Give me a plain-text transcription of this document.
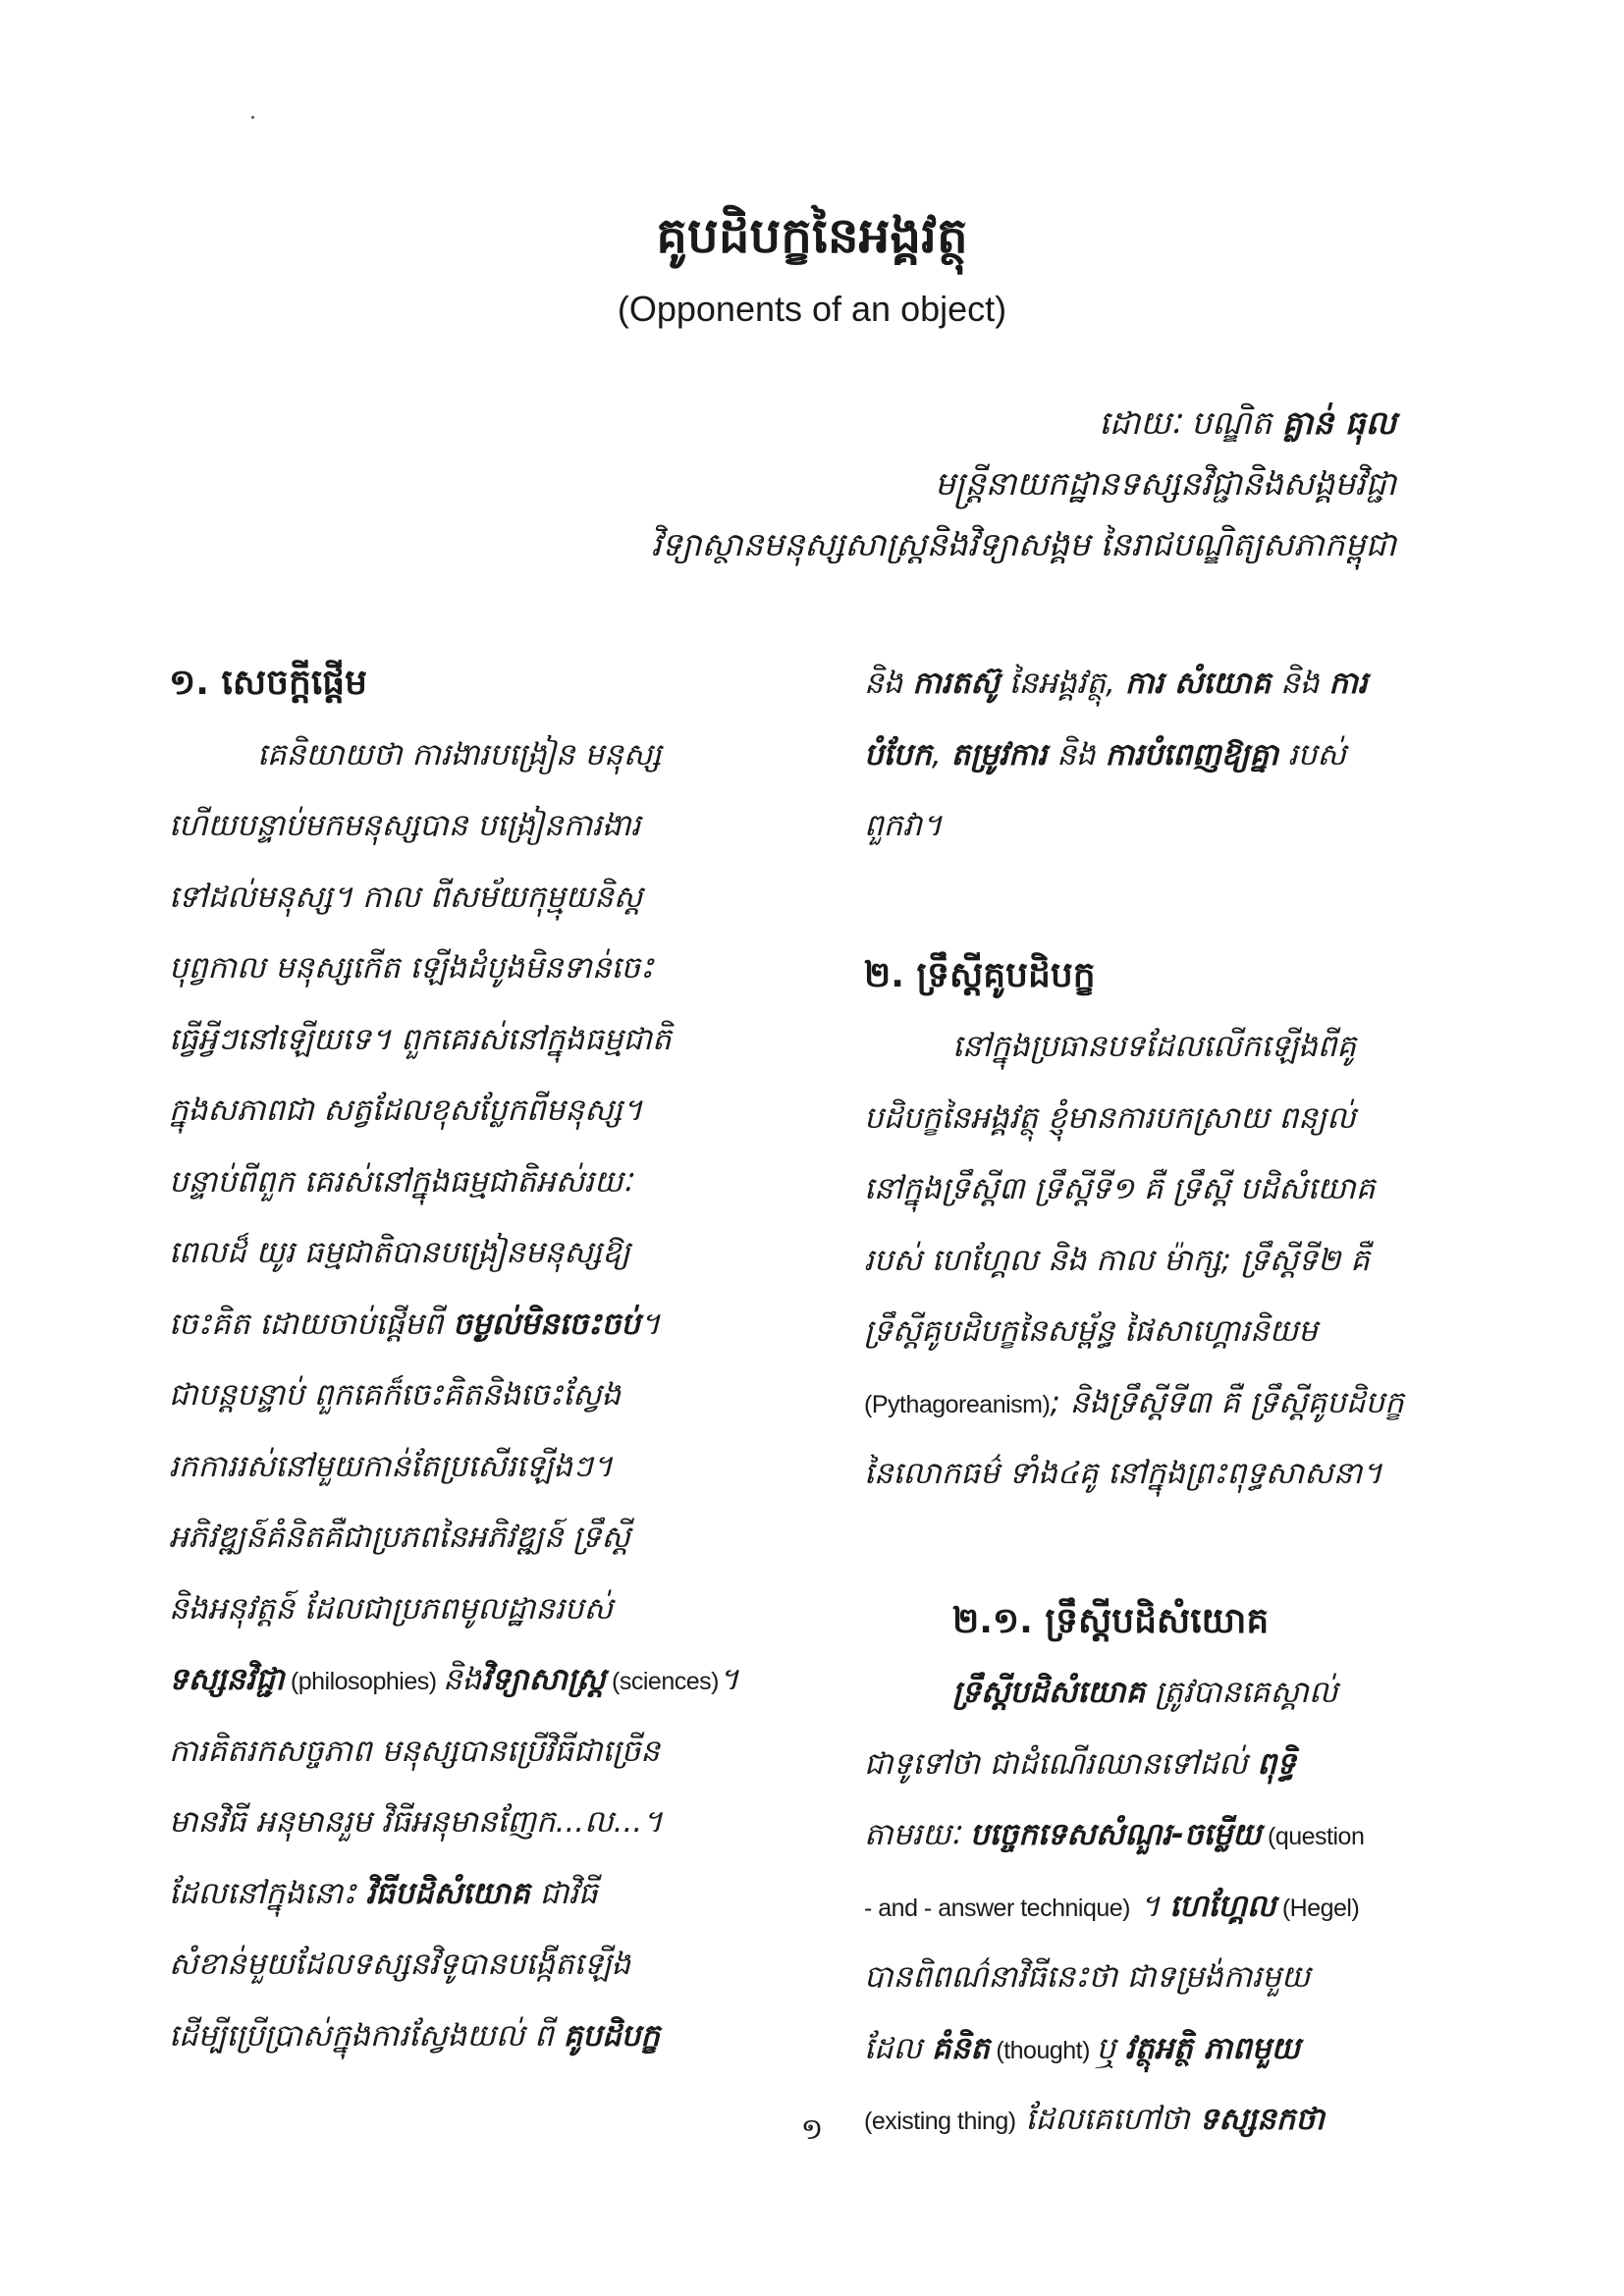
គូបដិបក្ខនៃអង្គវត្ថុ
(Opponents of an object)
ដោយៈ បណ្ឌិត គ្លាន់ ធុល
មន្ត្រីនាយកដ្ឋានទស្សនវិជ្ជានិងសង្គមវិជ្ជា
វិទ្យាស្ថានមនុស្សសាស្ត្រនិងវិទ្យាសង្គម នៃរាជបណ្ឌិត្យសភាកម្ពុជា
១. សេចក្ដីផ្ដើម
គេនិយាយថា ការងារបង្រៀន មនុស្ស
ហើយបន្ទាប់មកមនុស្សបាន បង្រៀនការងារ
ទៅដល់មនុស្ស។ កាល ពីសម័យកុម្មុយនិស្ត
បុព្វកាល មនុស្សកើត ឡើងដំបូងមិនទាន់ចេះ
ធ្វើអ្វីៗនៅឡើយទេ។ ពួកគេរស់នៅក្នុងធម្មជាតិ
ក្នុងសភាពជា សត្វដែលខុសប្លែកពីមនុស្ស។
បន្ទាប់ពីពួក គេរស់នៅក្នុងធម្មជាតិអស់រយៈ
ពេលដ៏ យូរ ធម្មជាតិបានបង្រៀនមនុស្សឱ្យ
ចេះគិត ដោយចាប់ផ្ដើមពី ចម្ងល់មិនចេះចប់។
ជាបន្តបន្ទាប់ ពួកគេក៏ចេះគិតនិងចេះស្វែង
រកការរស់នៅមួយកាន់តែប្រសើរឡើងៗ។
អភិវឌ្ឍន៍គំនិតគឺជាប្រភពនៃអភិវឌ្ឍន៍ ទ្រឹស្ដី
និងអនុវត្តន៍ ដែលជាប្រភពមូលដ្ឋានរបស់
ទស្សនវិជ្ជា (philosophies) និងវិទ្យាសាស្ត្រ (sciences)។
ការគិតរកសច្ចភាព មនុស្សបានប្រើវិធីជាច្រើន
មានវិធី អនុមានរួម វិធីអនុមានញែក...ល...។
ដែលនៅក្នុងនោះ វិធីបដិសំយោគ ជាវិធី
សំខាន់មួយដែលទស្សនវិទូបានបង្កើតឡើង
ដើម្បីប្រើប្រាស់ក្នុងការស្វែងយល់ ពី គូបដិបក្ខ
និង ការតស៊ូ នៃអង្គវត្ថុ, ការ សំយោគ និង ការ
បំបែក, តម្រូវការ និង ការបំពេញឱ្យគ្នា របស់
ពួកវា។
២. ទ្រឹស្ដីគូបដិបក្ខ
នៅក្នុងប្រធានបទដែលលើកឡើងពីគូ
បដិបក្ខនៃអង្គវត្ថុ ខ្ញុំមានការបកស្រាយ ពន្យល់
នៅក្នុងទ្រឹស្ដី៣ ទ្រឹស្ដីទី១ គឺ ទ្រឹស្ដី បដិសំយោគ
របស់ ហេហ្គែល និង កាល ម៉ាក្ស; ទ្រឹស្ដីទី២ គឺ
ទ្រឹស្ដីគូបដិបក្ខនៃសម្ព័ន្ធ ផៃសាហ្គោរនិយម
(Pythagoreanism); និងទ្រឹស្ដីទី៣ គឺ ទ្រឹស្ដីគូបដិបក្ខ
នៃលោកធម៌ ទាំង៤គូ នៅក្នុងព្រះពុទ្ធសាសនា។
២.១. ទ្រឹស្ដីបដិសំយោគ
ទ្រឹស្ដីបដិសំយោគ ត្រូវបានគេស្គាល់
ជាទូទៅថា ជាដំណើរឈានទៅដល់ ពុទ្ធិ
តាមរយៈ បច្ចេកទេសសំណួរ-ចម្លើយ (question
- and - answer technique) ។ ហេហ្គែល (Hegel)
បានពិពណ៌នាវិធីនេះថា ជាទម្រង់ការមួយ
ដែល គំនិត (thought) ឬ វត្ថុអត្ថិ ភាពមួយ
(existing thing) ដែលគេហៅថា ទស្សនកថា
១
